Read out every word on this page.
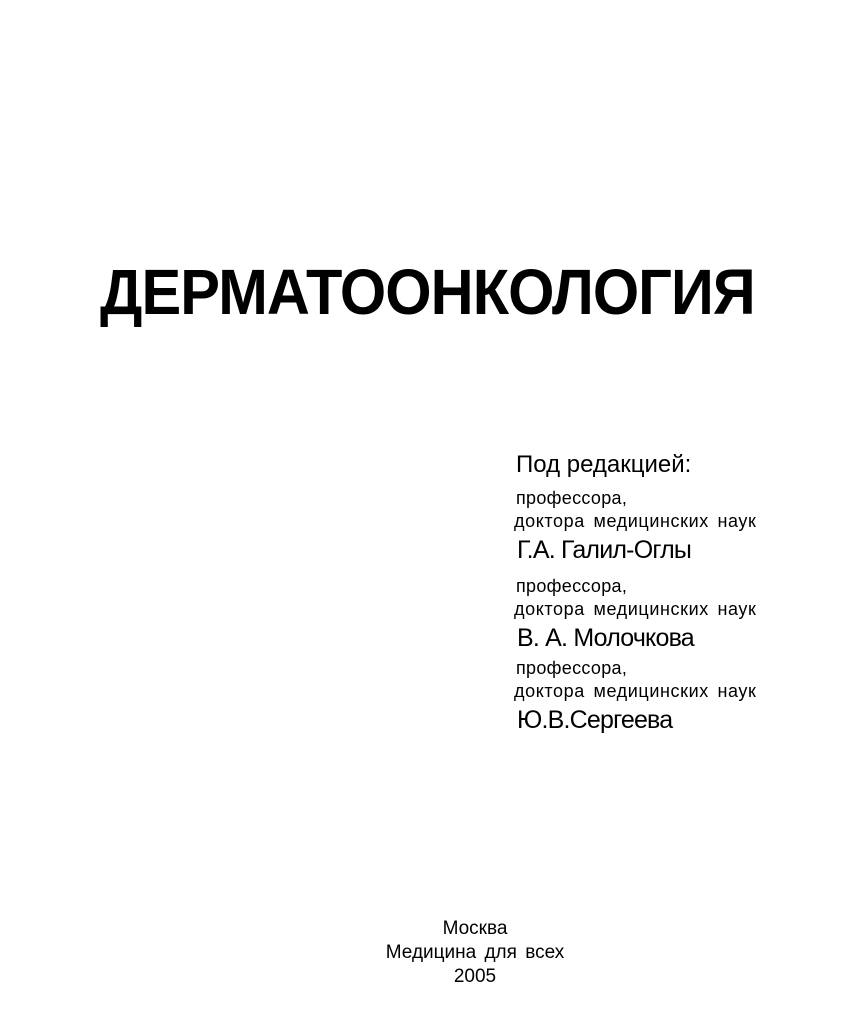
ДЕРМАТООНКОЛОГИЯ
Под редакцией:
профессора,
доктора медицинских наук
Г.А. Галил-Оглы
профессора,
доктора медицинских наук
В. А. Молочкова
профессора,
доктора медицинских наук
Ю.В.Сергеева
Москва
Медицина для всех
2005
